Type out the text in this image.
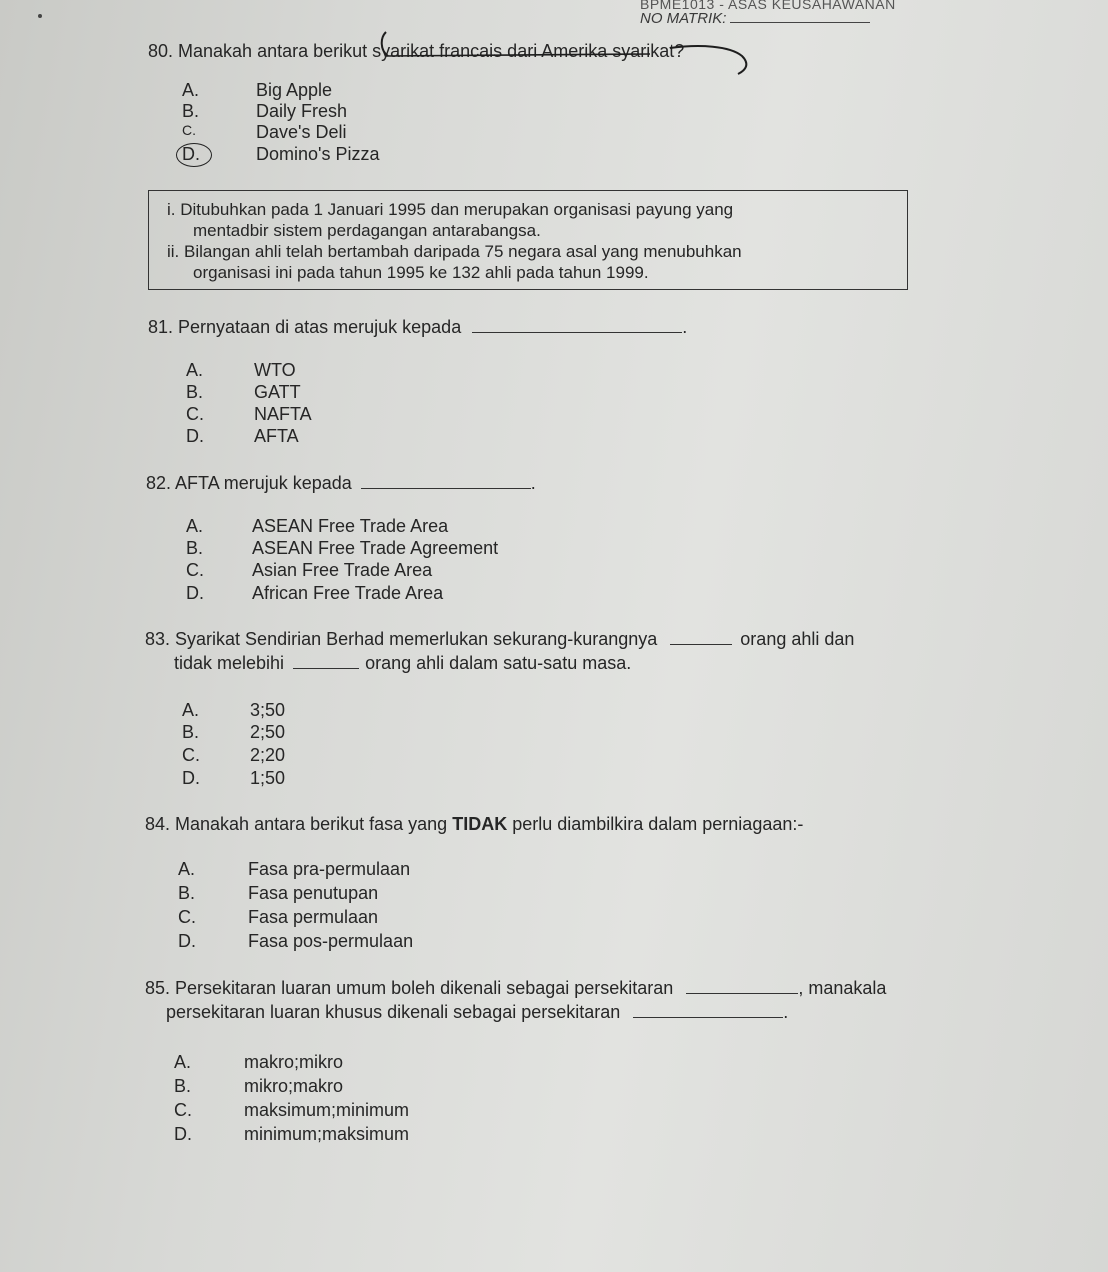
BPME1013 - ASAS KEUSAHAWANAN
NO MATRIK:
80. Manakah antara berikut syarikat francais dari Amerika syarikat?
A.	Big Apple
B.	Daily Fresh
C.	Dave's Deli
D.	Domino's Pizza

i. Ditubuhkan pada 1 Januari 1995 dan merupakan organisasi payung yang

mentadbir sistem perdagangan antarabangsa.

ii. Bilangan ahli telah bertambah daripada 75 negara asal yang menubuhkan

organisasi ini pada tahun 1995 ke 132 ahli pada tahun 1999.

81. Pernyataan di atas merujuk kepada	.
A.	WTO
B.	GATT
C.	NAFTA
D.	AFTA
82. AFTA merujuk kepada	.
A.	ASEAN Free Trade Area
B.	ASEAN Free Trade Agreement
C.	Asian Free Trade Area
D.	African Free Trade Area
83. Syarikat Sendirian Berhad memerlukan sekurang-kurangnya	orang ahli dan
tidak melebihi	orang ahli dalam satu-satu masa.
A.	3;50
B.	2;50
C.	2;20
D.	1;50
84. Manakah antara berikut fasa yang TIDAK perlu diambilkira dalam perniagaan:-
A.	Fasa pra-permulaan
B.	Fasa penutupan
C.	Fasa permulaan
D.	Fasa pos-permulaan
85. Persekitaran luaran umum boleh dikenali sebagai persekitaran	, manakala
persekitaran luaran khusus dikenali sebagai persekitaran	.
A.	makro;mikro
B.	mikro;makro
C.	maksimum;minimum
D.	minimum;maksimum
